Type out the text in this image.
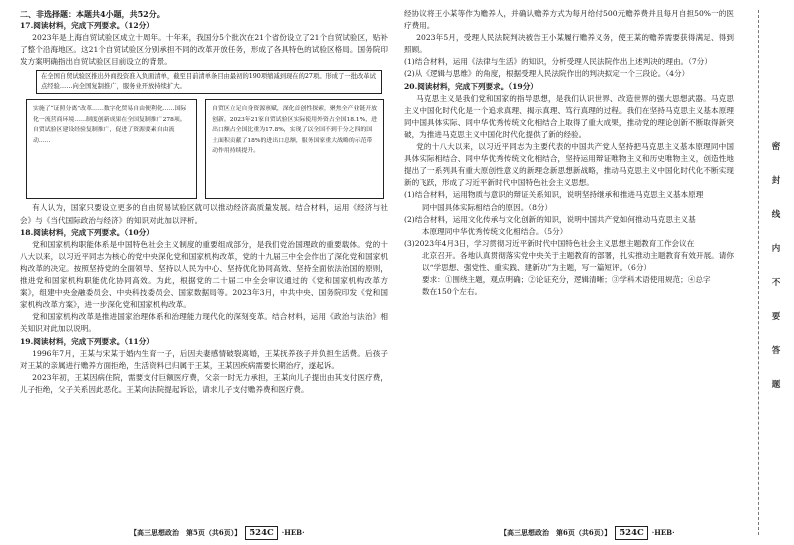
二、非选择题：本题共4小题，共52分。
17.阅读材料，完成下列要求。（12分）

2023年是上海自贸试验区成立十周年。十年来，我国分5个批次在21个省份设立了21个自贸试验区，贴补了整个沿海地区。这21个自贸试验区分别承担不同的改革开放任务，形成了各具特色的试验区格局。国务院印发方案明确指出自贸试验区目前设立的背景。

在全国自贸试验区推出外商投资准入负面清单，截至目前清单条目由最初的190项缩减到现在的27项。形成了一批改革试点经验……向全国复制推广，服务业开放持续扩大。
实施了“证照分离”改革……数字化贸易自由便利化……国际化一流营商环境……制度创新成果在全国复制推广278项。自贸试验区建设经验复制推广，促进了资源要素自由流动……
自贸区立足自身资源禀赋，深化首创性探索，聚焦全产业链开放创新。2023年21家自贸试验区实际使用外资占全国18.1%，进出口额占全国比重为17.8%，实现了以全国不到千分之四的国土面积贡献了18%的进出口总额，服务国家重大战略的示范带动作用持续提升。

有人认为，国家只要设立更多的自由贸易试验区就可以推动经济高质量发展。结合材料，运用《经济与社会》与《当代国际政治与经济》的知识对此加以评析。

18.阅读材料，完成下列要求。（10分）

党和国家机构职能体系是中国特色社会主义制度的重要组成部分，是我们党治国理政的重要载体。党的十八大以来，以习近平同志为核心的党中央深化党和国家机构改革，党的十九届三中全会作出了深化党和国家机构改革的决定。按照坚持党的全面领导、坚持以人民为中心、坚持优化协同高效、坚持全面依法治国的原则，推进党和国家机构职能优化协同高效。为此，根据党的二十届二中全会审议通过的《党和国家机构改革方案》，组建中央金融委员会、中央科技委员会、国家数据局等。2023年3月，中共中央、国务院印发《党和国家机构改革方案》，进一步深化党和国家机构改革。

党和国家机构改革是推进国家治理体系和治理能力现代化的深刻变革。结合材料，运用《政治与法治》相关知识对此加以说明。

19.阅读材料，完成下列要求。（11分）

1996年7月，王某与宋某于婚内生育一子，后因夫妻感情破裂离婚，王某抚养孩子并负担生活费。后孩子对王某的亲属进行赡养方面拒绝，生活资料已归属于王某，王某因疾病需要长期治疗，遂起诉。

2023年初，王某因病住院，需要支付巨额医疗费，父亲一时无力承担，王某向儿子提出由其支付医疗费，儿子拒绝，父子关系因此恶化。王某向法院提起诉讼，请求儿子支付赡养费和医疗费。

【高三思想政治　第5页（共6页）】 524C	·HEB·

经协议将王小某等作为赡养人，并确认赡养方式为每月给付500元赡养费并且每月自担50%一的医疗费用。

2023年5月，受理人民法院判决被告王小某履行赡养义务，使王某的赡养需要获得满足、得到照顾。

(1)结合材料，运用《法律与生活》的知识，分析受理人民法院作出上述判决的理由。（7分）

(2)从《逻辑与思维》的角度，根据受理人民法院作出的判决拟定一个三段论。（4分）

20.阅读材料，完成下列要求。（19分）

马克思主义是我们党和国家的指导思想，是我们认识世界、改造世界的强大思想武器。马克思主义中国化时代化是一个追求真理、揭示真理、笃行真理的过程。我们在坚持马克思主义基本原理同中国具体实际、同中华优秀传统文化相结合上取得了重大成果，推动党的理论创新不断取得新突破，为推进马克思主义中国化时代化提供了新的经验。

党的十八大以来，以习近平同志为主要代表的中国共产党人坚持把马克思主义基本原理同中国具体实际相结合、同中华优秀传统文化相结合，坚持运用辩证唯物主义和历史唯物主义，创造性地提出了一系列具有重大原创性意义的新理念新思想新战略，推动马克思主义中国化时代化不断实现新的飞跃，形成了习近平新时代中国特色社会主义思想。

(1)结合材料，运用物质与意识的辩证关系知识，说明坚持继承和推进马克思主义基本原理

同中国具体实际相结合的原因。（8分）

(2)结合材料，运用文化传承与文化创新的知识，说明中国共产党如何推动马克思主义基

本原理同中华优秀传统文化相结合。（5分）

(3)2023年4月3日，学习贯彻习近平新时代中国特色社会主义思想主题教育工作会议在

北京召开。各地认真贯彻落实党中央关于主题教育的部署，扎实推动主题教育有效开展。请你以“学思想、强党性、重实践、建新功”为主题，写一篇短评。（6分）

要求：①围绕主题，观点明确；②论证充分，逻辑清晰；③学科术语使用规范；④总字

数在150个左右。

【高三思想政治　第6页（共6页）】 524C	·HEB·
密
封
线
内
不
要
答
题
